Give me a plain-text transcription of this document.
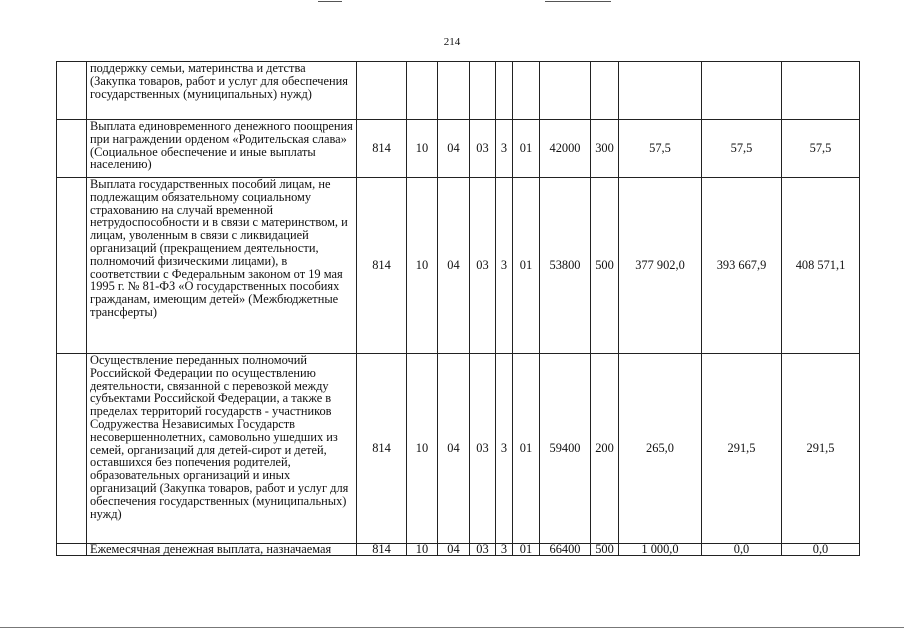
214
	поддержку семьи, материнства и детства (Закупка товаров, работ и услуг для обеспечения государственных (муниципальных) нужд)											
	Выплата единовременного денежного поощрения при награждении орденом «Родительская слава» (Социальное обеспечение и иные выплаты населению)	814	10	04	03	3	01	42000	300	57,5	57,5	57,5
	Выплата государственных пособий лицам, не подлежащим обязательному социальному страхованию на случай временной нетрудоспособности и в связи с материнством, и лицам, уволенным в связи с ликвидацией организаций (прекращением деятельности, полномочий физическими лицами), в соответствии с Федеральным законом от 19 мая 1995 г. № 81-ФЗ «О государственных пособиях гражданам, имеющим детей» (Межбюджетные трансферты)	814	10	04	03	3	01	53800	500	377 902,0	393 667,9	408 571,1
	Осуществление переданных полномочий Российской Федерации по осуществлению деятельности, связанной с перевозкой между субъектами Российской Федерации, а также в пределах территорий государств - участников Содружества Независимых Государств несовершеннолетних, самовольно ушедших из семей, организаций для детей-сирот и детей, оставшихся без попечения родителей, образовательных организаций и иных организаций (Закупка товаров, работ и услуг для обеспечения государственных (муниципальных) нужд)	814	10	04	03	3	01	59400	200	265,0	291,5	291,5
	Ежемесячная денежная выплата, назначаемая	814	10	04	03	3	01	66400	500	1 000,0	0,0	0,0
